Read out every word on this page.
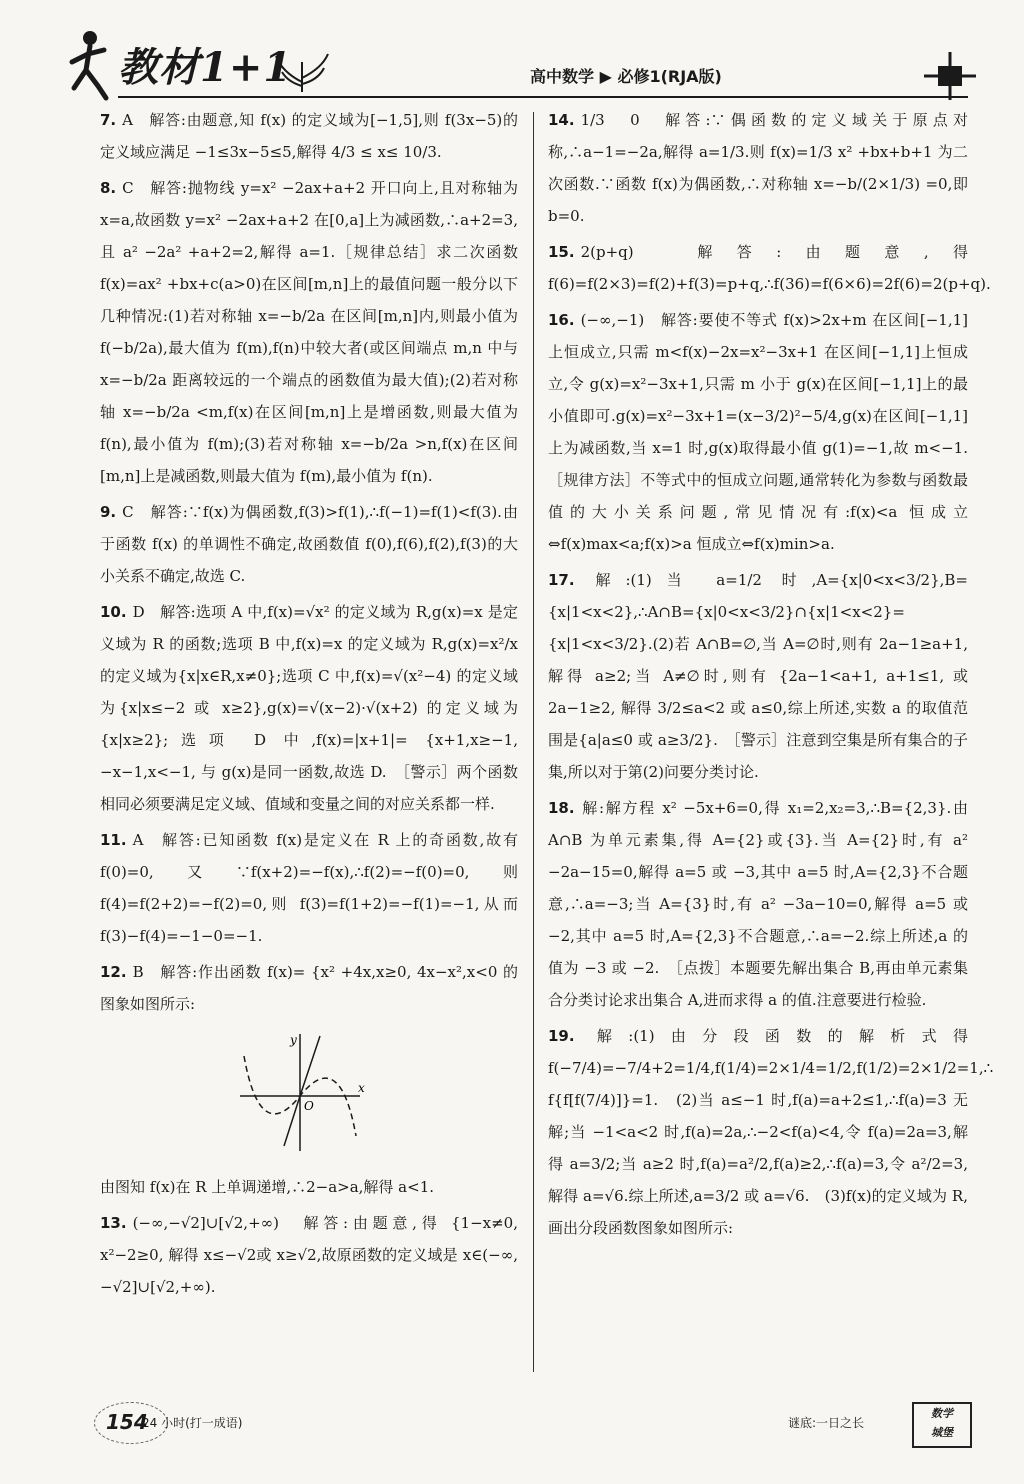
教材1+1	高中数学 ▶ 必修1(RJA版)

7. A　解答:由题意,知 f(x) 的定义域为[−1,5],则 f(3x−5)的定义域应满足 −1≤3x−5≤5,解得 4/3 ≤ x≤ 10/3.

8. C　解答:抛物线 y=x² −2ax+a+2 开口向上,且对称轴为 x=a,故函数 y=x² −2ax+a+2 在[0,a]上为减函数,∴a+2=3,且 a² −2a² +a+2=2,解得 a=1.［规律总结］求二次函数 f(x)=ax² +bx+c(a>0)在区间[m,n]上的最值问题一般分以下几种情况:(1)若对称轴 x=−b/2a 在区间[m,n]内,则最小值为 f(−b/2a),最大值为 f(m),f(n)中较大者(或区间端点 m,n 中与 x=−b/2a 距离较远的一个端点的函数值为最大值);(2)若对称轴 x=−b/2a <m,f(x)在区间[m,n]上是增函数,则最大值为 f(n),最小值为 f(m);(3)若对称轴 x=−b/2a >n,f(x)在区间[m,n]上是减函数,则最大值为 f(m),最小值为 f(n).

9. C　解答:∵f(x)为偶函数,f(3)>f(1),∴f(−1)=f(1)<f(3).由于函数 f(x) 的单调性不确定,故函数值 f(0),f(6),f(2),f(3)的大小关系不确定,故选 C.

10. D　解答:选项 A 中,f(x)=√x² 的定义域为 R,g(x)=x 是定义域为 R 的函数;选项 B 中,f(x)=x 的定义域为 R,g(x)=x²/x 的定义域为{x|x∈R,x≠0};选项 C 中,f(x)=√(x²−4) 的定义域为{x|x≤−2 或 x≥2},g(x)=√(x−2)·√(x+2) 的定义域为{x|x≥2};选项 D 中,f(x)=|x+1|= {x+1,x≥−1, −x−1,x<−1, 与 g(x)是同一函数,故选 D.　［警示］两个函数相同必须要满足定义域、值域和变量之间的对应关系都一样.

11. A　解答:已知函数 f(x)是定义在 R 上的奇函数,故有 f(0)=0,又∵f(x+2)=−f(x),∴f(2)=−f(0)=0,则 f(4)=f(2+2)=−f(2)=0,则 f(3)=f(1+2)=−f(1)=−1,从而 f(3)−f(4)=−1−0=−1.

12. B　解答:作出函数 f(x)= {x² +4x,x≥0, 4x−x²,x<0 的图象如图所示:

y
x
O

由图知 f(x)在 R 上单调递增,∴2−a>a,解得 a<1.

13. (−∞,−√2]∪[√2,+∞)　解答:由题意,得 {1−x≠0, x²−2≥0, 解得 x≤−√2或 x≥√2,故原函数的定义域是 x∈(−∞,−√2]∪[√2,+∞).

14. 1/3　0　解答:∵偶函数的定义域关于原点对称,∴a−1=−2a,解得 a=1/3.则 f(x)=1/3 x² +bx+b+1 为二次函数.∵函数 f(x)为偶函数,∴对称轴 x=−b/(2×1/3) =0,即 b=0.

15. 2(p+q)　解答:由题意,得 f(6)=f(2×3)=f(2)+f(3)=p+q,∴f(36)=f(6×6)=2f(6)=2(p+q).

16. (−∞,−1)　解答:要使不等式 f(x)>2x+m 在区间[−1,1]上恒成立,只需 m<f(x)−2x=x²−3x+1 在区间[−1,1]上恒成立,令 g(x)=x²−3x+1,只需 m 小于 g(x)在区间[−1,1]上的最小值即可.g(x)=x²−3x+1=(x−3/2)²−5/4,g(x)在区间[−1,1]上为减函数,当 x=1 时,g(x)取得最小值 g(1)=−1,故 m<−1.　［规律方法］不等式中的恒成立问题,通常转化为参数与函数最值的大小关系问题,常见情况有:f(x)<a 恒成立⇔f(x)max<a;f(x)>a 恒成立⇔f(x)min>a.

17. 解:(1)当 a=1/2 时,A={x|0<x<3/2},B={x|1<x<2},∴A∩B={x|0<x<3/2}∩{x|1<x<2}={x|1<x<3/2}.(2)若 A∩B=∅,当 A=∅时,则有 2a−1≥a+1,解得 a≥2;当 A≠∅时,则有 {2a−1<a+1, a+1≤1, 或 2a−1≥2, 解得 3/2≤a<2 或 a≤0,综上所述,实数 a 的取值范围是{a|a≤0 或 a≥3/2}.　［警示］注意到空集是所有集合的子集,所以对于第(2)问要分类讨论.

18. 解:解方程 x² −5x+6=0,得 x₁=2,x₂=3,∴B={2,3}.由 A∩B 为单元素集,得 A={2}或{3}.当 A={2}时,有 a² −2a−15=0,解得 a=5 或 −3,其中 a=5 时,A={2,3}不合题意,∴a=−3;当 A={3}时,有 a² −3a−10=0,解得 a=5 或 −2,其中 a=5 时,A={2,3}不合题意,∴a=−2.综上所述,a 的值为 −3 或 −2.　［点拨］本题要先解出集合 B,再由单元素集合分类讨论求出集合 A,进而求得 a 的值.注意要进行检验.

19. 解:(1)由分段函数的解析式得 f(−7/4)=−7/4+2=1/4,f(1/4)=2×1/4=1/2,f(1/2)=2×1/2=1,∴ f{f[f(7/4)]}=1.　(2)当 a≤−1 时,f(a)=a+2≤1,∴f(a)=3 无解;当 −1<a<2 时,f(a)=2a,∴−2<f(a)<4,令 f(a)=2a=3,解得 a=3/2;当 a≥2 时,f(a)=a²/2,f(a)≥2,∴f(a)=3,令 a²/2=3,解得 a=√6.综上所述,a=3/2 或 a=√6.　(3)f(x)的定义域为 R,画出分段函数图象如图所示:

154
24 小时(打一成语)	谜底:一日之长
数学
城堡
